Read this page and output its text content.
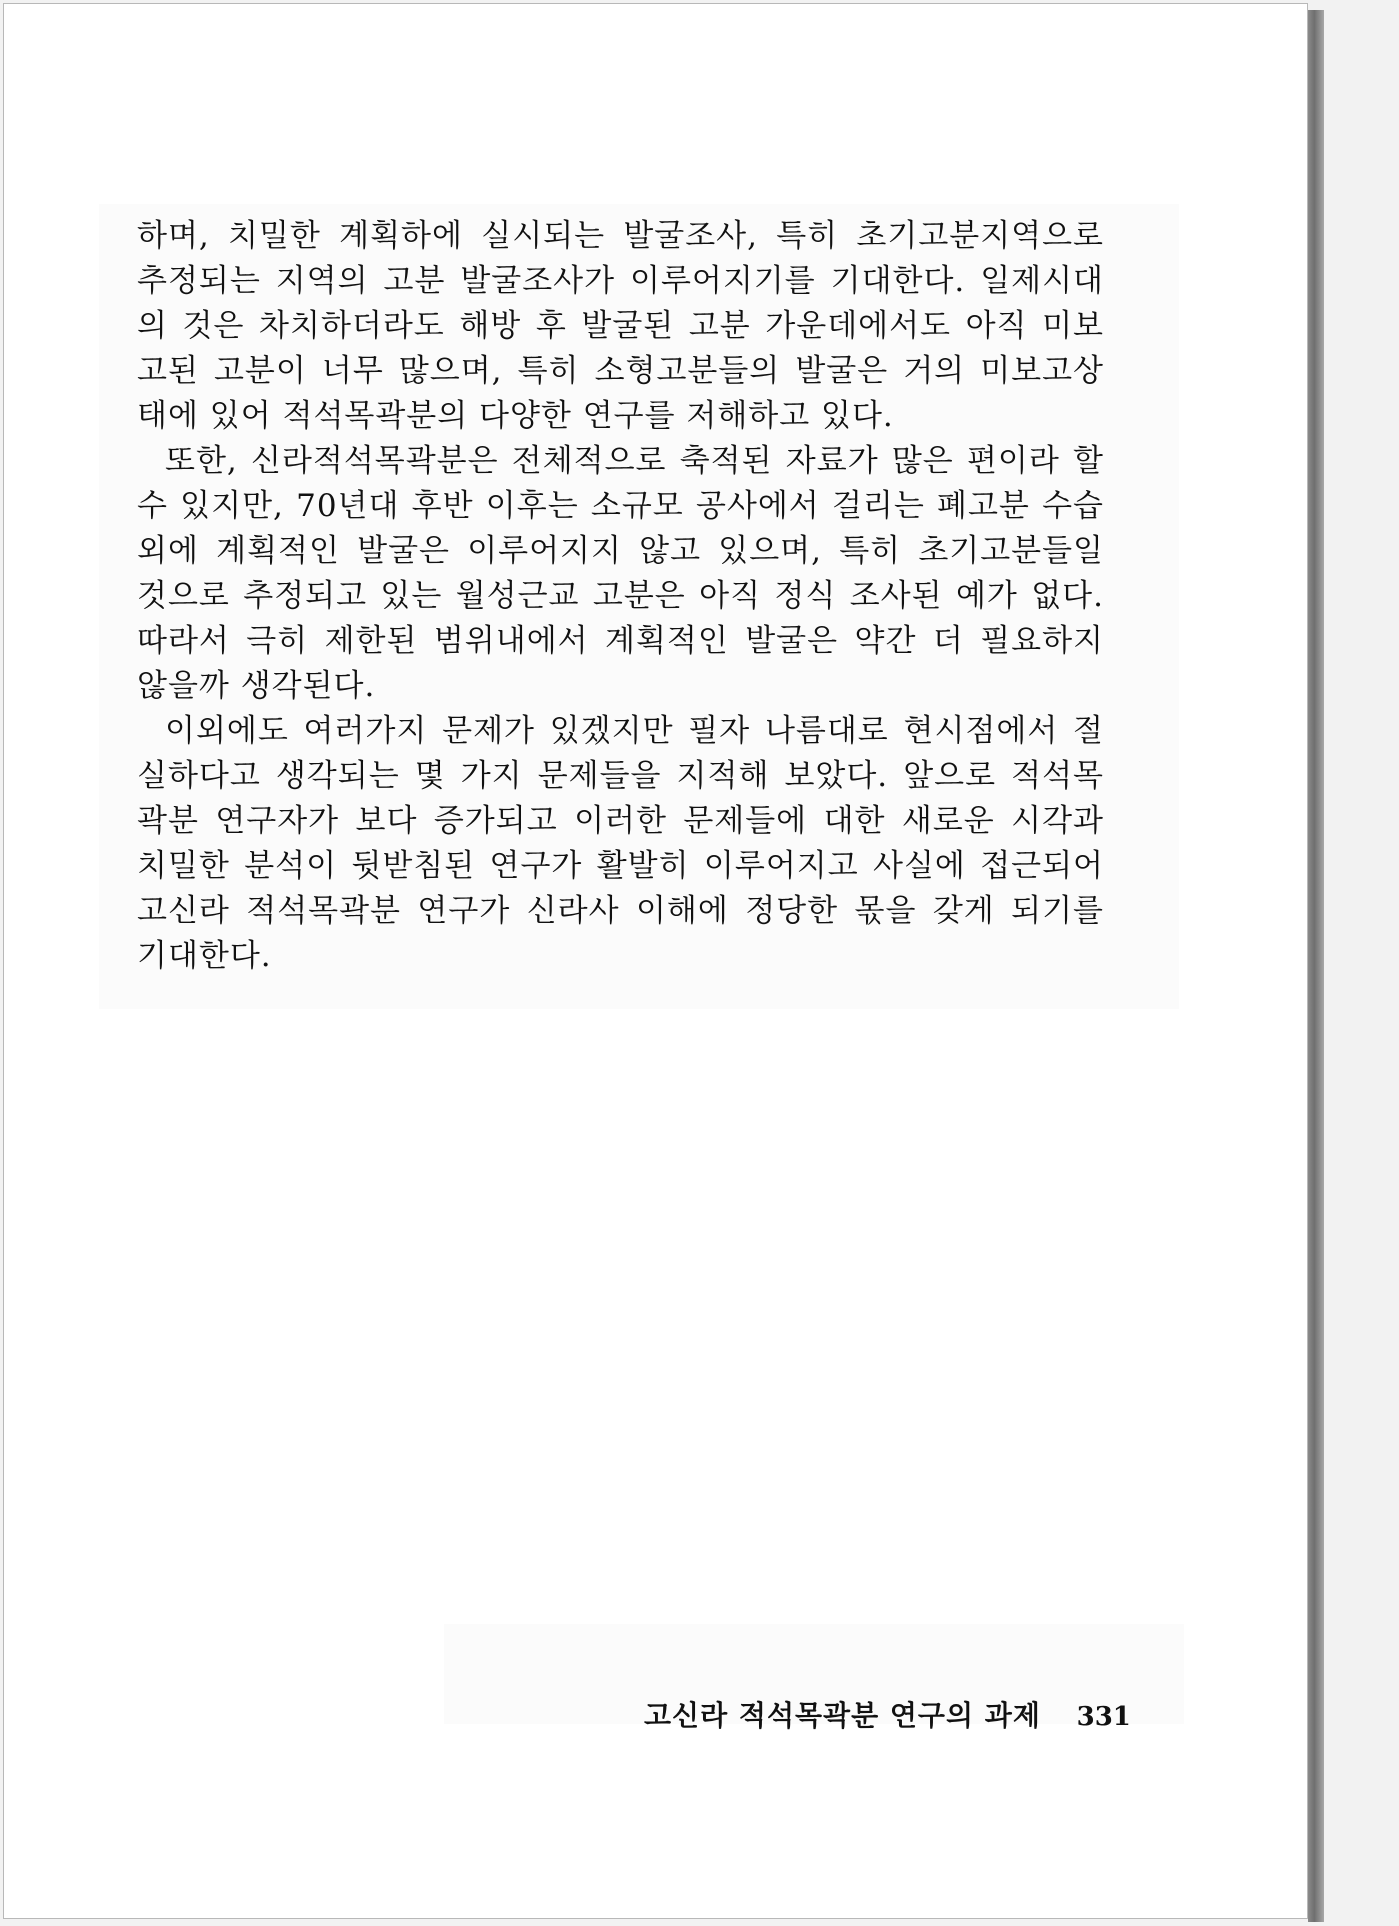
하며, 치밀한 계획하에 실시되는 발굴조사, 특히 초기고분지역으로
추정되는 지역의 고분 발굴조사가 이루어지기를 기대한다. 일제시대
의 것은 차치하더라도 해방 후 발굴된 고분 가운데에서도 아직 미보
고된 고분이 너무 많으며, 특히 소형고분들의 발굴은 거의 미보고상
태에 있어 적석목곽분의 다양한 연구를 저해하고 있다.
또한, 신라적석목곽분은 전체적으로 축적된 자료가 많은 편이라 할
수 있지만, 70년대 후반 이후는 소규모 공사에서 걸리는 폐고분 수습
외에 계획적인 발굴은 이루어지지 않고 있으며, 특히 초기고분들일
것으로 추정되고 있는 월성근교 고분은 아직 정식 조사된 예가 없다.
따라서 극히 제한된 범위내에서 계획적인 발굴은 약간 더 필요하지
않을까 생각된다.
이외에도 여러가지 문제가 있겠지만 필자 나름대로 현시점에서 절
실하다고 생각되는 몇 가지 문제들을 지적해 보았다. 앞으로 적석목
곽분 연구자가 보다 증가되고 이러한 문제들에 대한 새로운 시각과
치밀한 분석이 뒷받침된 연구가 활발히 이루어지고 사실에 접근되어
고신라 적석목곽분 연구가 신라사 이해에 정당한 몫을 갖게 되기를
기대한다.
고신라 적석목곽분 연구의 과제 331
